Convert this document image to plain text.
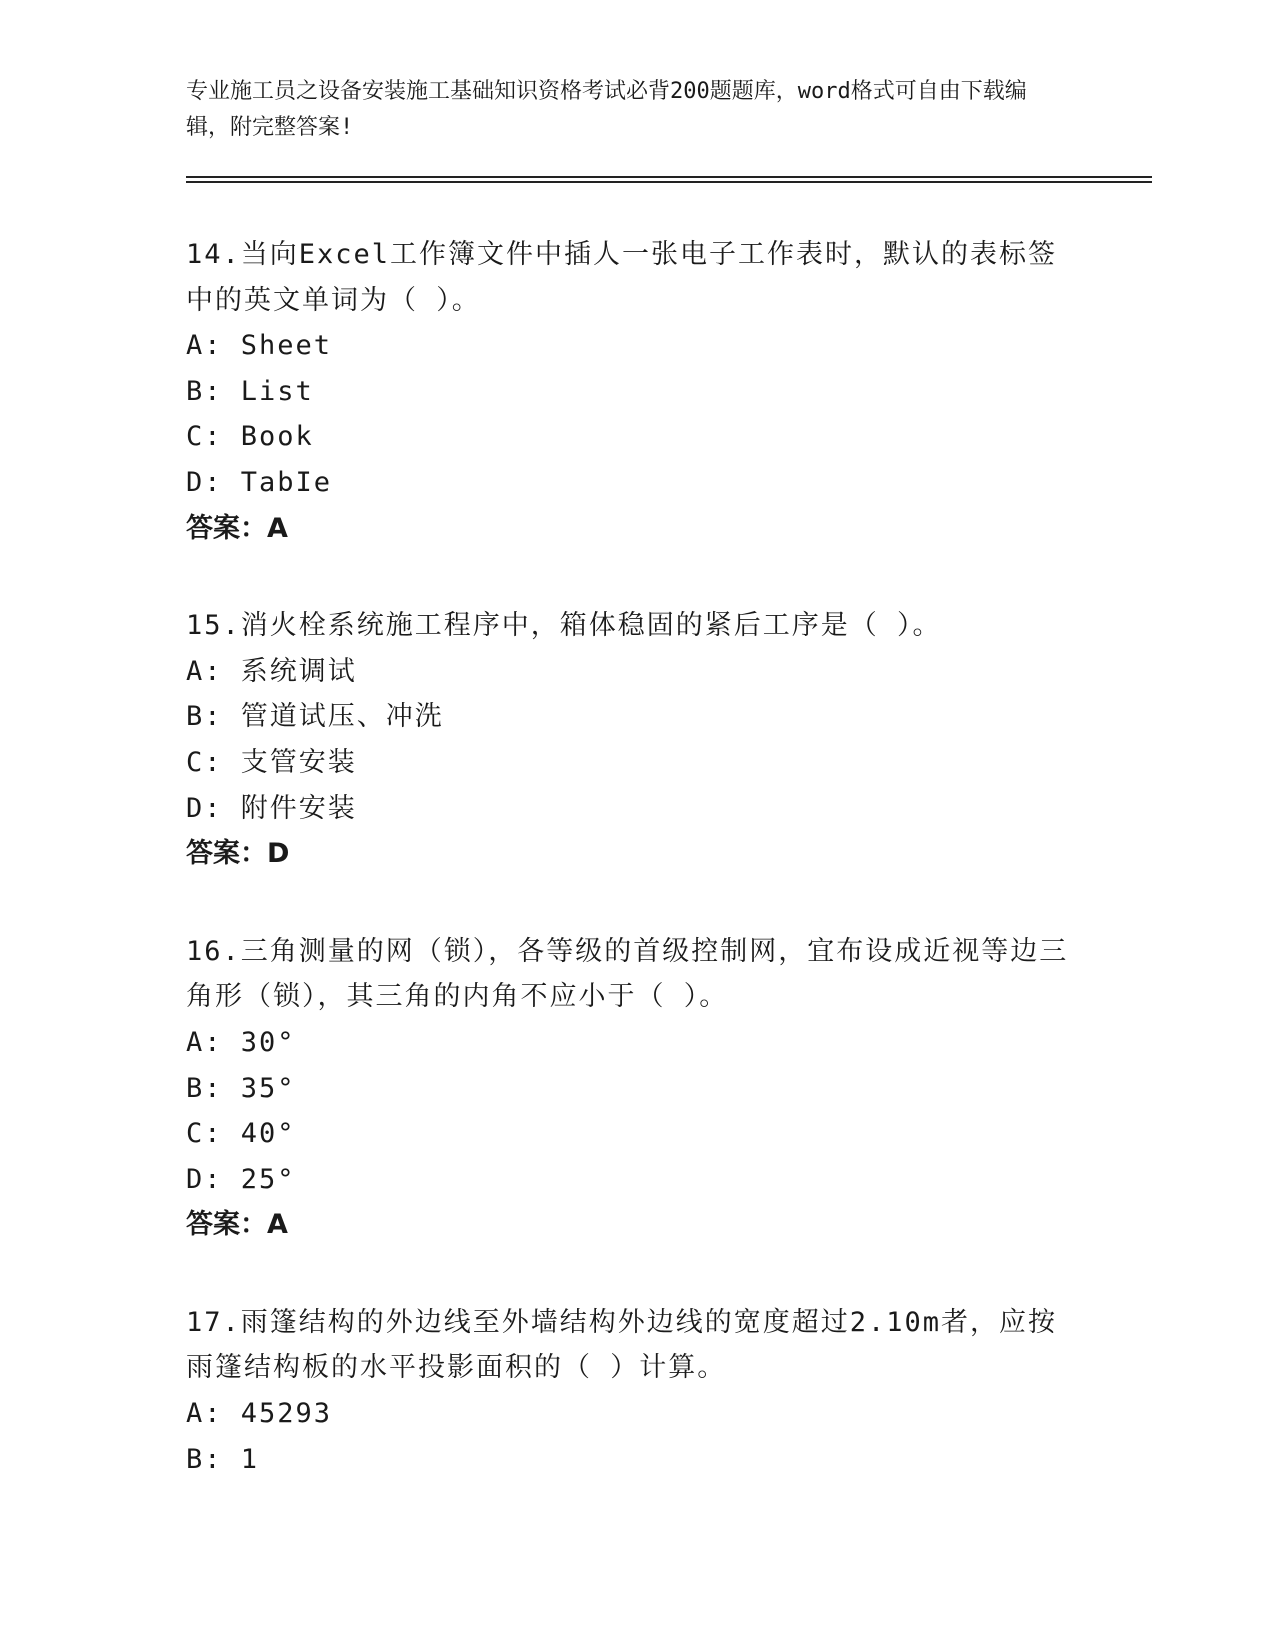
专业施工员之设备安装施工基础知识资格考试必背200题题库，word格式可自由下载编辑，附完整答案!

14.当向Excel工作簿文件中插人一张电子工作表时，默认的表标签中的英文单词为（ ）。

A: Sheet

B: List

C: Book

D: TabIe

答案：A

15.消火栓系统施工程序中，箱体稳固的紧后工序是（ ）。

A: 系统调试

B: 管道试压、冲洗

C: 支管安装

D: 附件安装

答案：D

16.三角测量的网（锁），各等级的首级控制网，宜布设成近视等边三角形（锁），其三角的内角不应小于（ ）。

A: 30°

B: 35°

C: 40°

D: 25°

答案：A

17.雨篷结构的外边线至外墙结构外边线的宽度超过2.10m者，应按雨篷结构板的水平投影面积的（ ）计算。

A: 45293

B: 1
